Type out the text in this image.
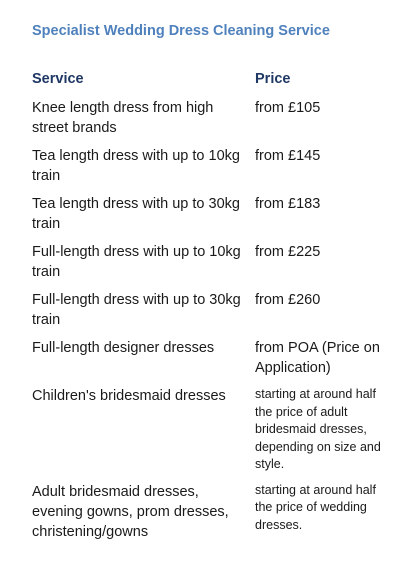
Specialist Wedding Dress Cleaning Service
Service	Price

Knee length dress from high street brands	from £105

Tea length dress with up to 10kg train	from £145

Tea length dress with up to 30kg train	from £183

Full-length dress with up to 10kg train	from £225

Full-length dress with up to 30kg train	from £260

Full-length designer dresses	from POA (Price on Application)

Children's bridesmaid dresses	starting at around half the price of adult bridesmaid dresses, depending on size and style.

Adult bridesmaid dresses, evening gowns, prom dresses, christening/gowns	starting at around half the price of wedding dresses.
